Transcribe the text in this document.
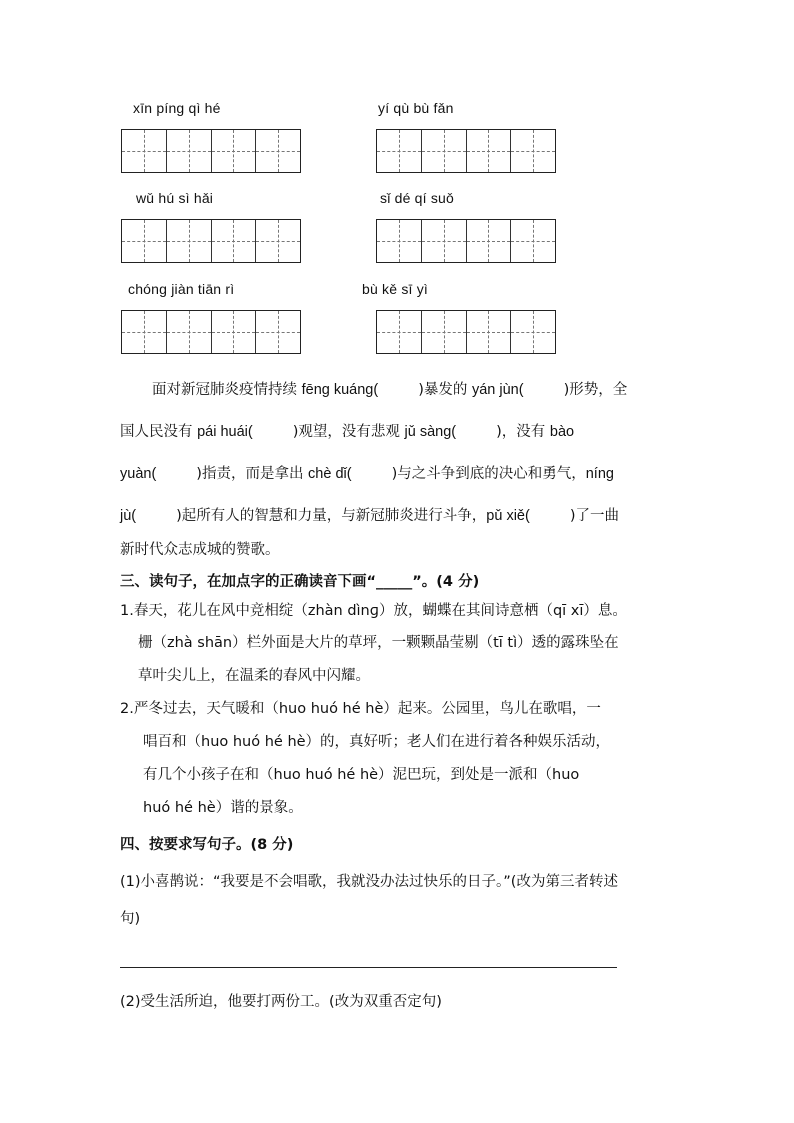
xīn pínɡ qì hé	yí qù bù fǎn
wǔ hú sì hǎi	sǐ dé qí suǒ
chónɡ jiàn tiān rì	bù kě sī yì
面对新冠肺炎疫情持续 fēng kuáng(	)暴发的 yán jùn(	)形势，全
国人民没有 pái huái(	)观望，没有悲观 jǔ sànɡ(	)，没有 bào
yuàn(	)指责，而是拿出 chè dǐ(	)与之斗争到底的决心和勇气，nínɡ
jù(	)起所有人的智慧和力量，与新冠肺炎进行斗争，pǔ xiě(	)了一曲
新时代众志成城的赞歌。
三、读句子，在加点字的正确读音下画“_____”。(4 分)
1.春天，花儿在风中竞相绽（zhàn dìnɡ）放，蝴蝶在其间诗意栖（qī xī）息。
栅（zhà shān）栏外面是大片的草坪，一颗颗晶莹剔（tī tì）透的露珠坠在
草叶尖儿上，在温柔的春风中闪耀。
2.严冬过去，天气暖和（huo huó hé hè）起来。公园里，鸟儿在歌唱，一
唱百和（huo huó hé hè）的，真好听；老人们在进行着各种娱乐活动，
有几个小孩子在和（huo huó hé hè）泥巴玩，到处是一派和（huo
huó hé hè）谐的景象。
四、按要求写句子。(8 分)
(1)小喜鹊说：“我要是不会唱歌，我就没办法过快乐的日子。”(改为第三者转述
句)
(2)受生活所迫，他要打两份工。(改为双重否定句)
